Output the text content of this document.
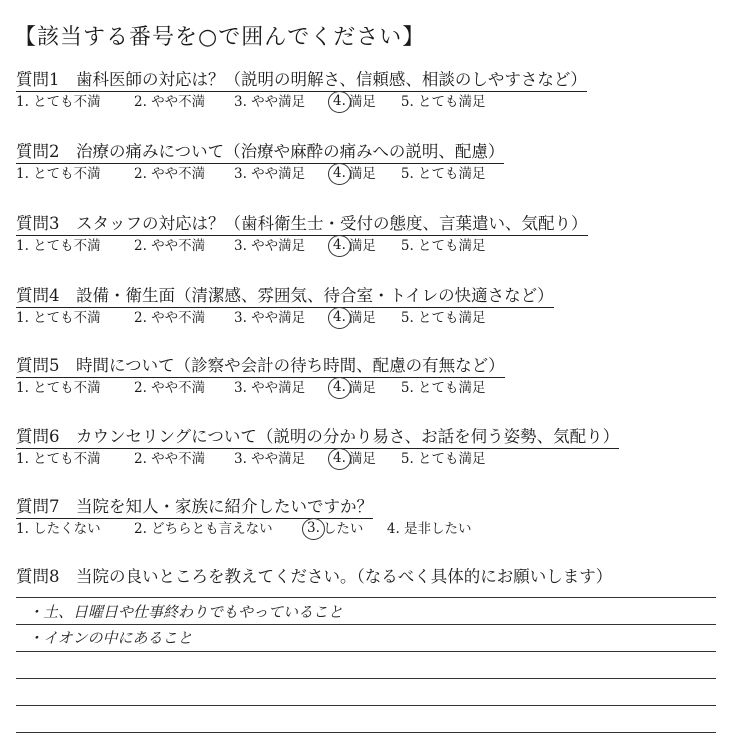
【該当する番号を○で囲んでください】
質問1　歯科医師の対応は？（説明の明解さ、信頼感、相談のしやすさなど）
1. とても不満	2. やや不満	3. やや満足	4. 満足	5. とても満足
質問2　治療の痛みについて（治療や麻酔の痛みへの説明、配慮）
1. とても不満	2. やや不満	3. やや満足	4. 満足	5. とても満足
質問3　スタッフの対応は？（歯科衛生士・受付の態度、言葉遣い、気配り）
1. とても不満	2. やや不満	3. やや満足	4. 満足	5. とても満足
質問4　設備・衛生面（清潔感、雰囲気、待合室・トイレの快適さなど）
1. とても不満	2. やや不満	3. やや満足	4. 満足	5. とても満足
質問5　時間について（診察や会計の待ち時間、配慮の有無など）
1. とても不満	2. やや不満	3. やや満足	4. 満足	5. とても満足
質問6　カウンセリングについて（説明の分かり易さ、お話を伺う姿勢、気配り）
1. とても不満	2. やや不満	3. やや満足	4. 満足	5. とても満足
質問7　当院を知人・家族に紹介したいですか？
1. したくない	2. どちらとも言えない	3. したい	4. 是非したい
質問8　当院の良いところを教えてください。（なるべく具体的にお願いします）
・土、日曜日や仕事終わりでもやっていること
・イオンの中にあること
